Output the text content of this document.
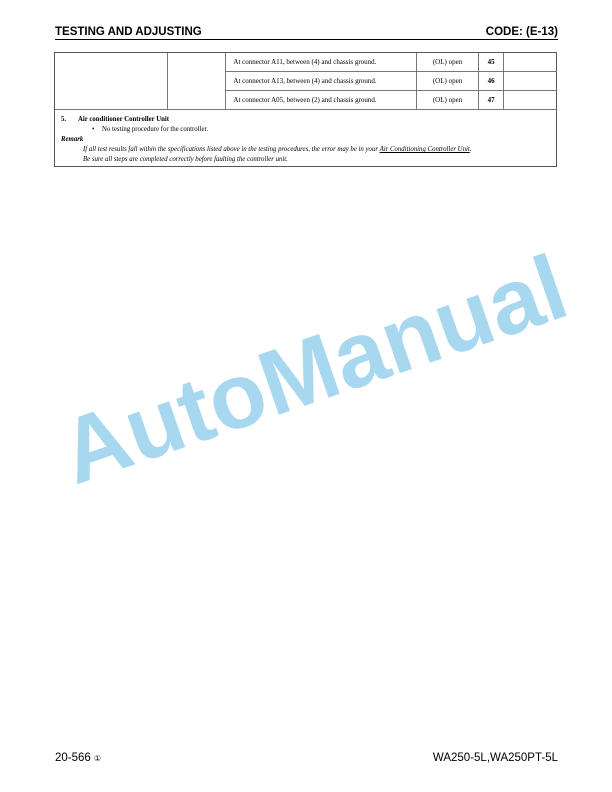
TESTING AND ADJUSTING	CODE: (E-13)
		At connector A11, between (4) and chassis ground.	(OL) open	45	
		At connector A13, between (4) and chassis ground.	(OL) open	46	
		At connector A05, between (2) and chassis ground.	(OL) open	47	
5. Air conditioner Controller Unit
• No testing procedure for the controller.
Remark
If all test results fall within the specifications listed above in the testing procedures, the error may be in your Air Conditioning Controller Unit.
Be sure all steps are completed correctly before faulting the controller unit.
AutoManual
20-566 ①	WA250-5L,WA250PT-5L
